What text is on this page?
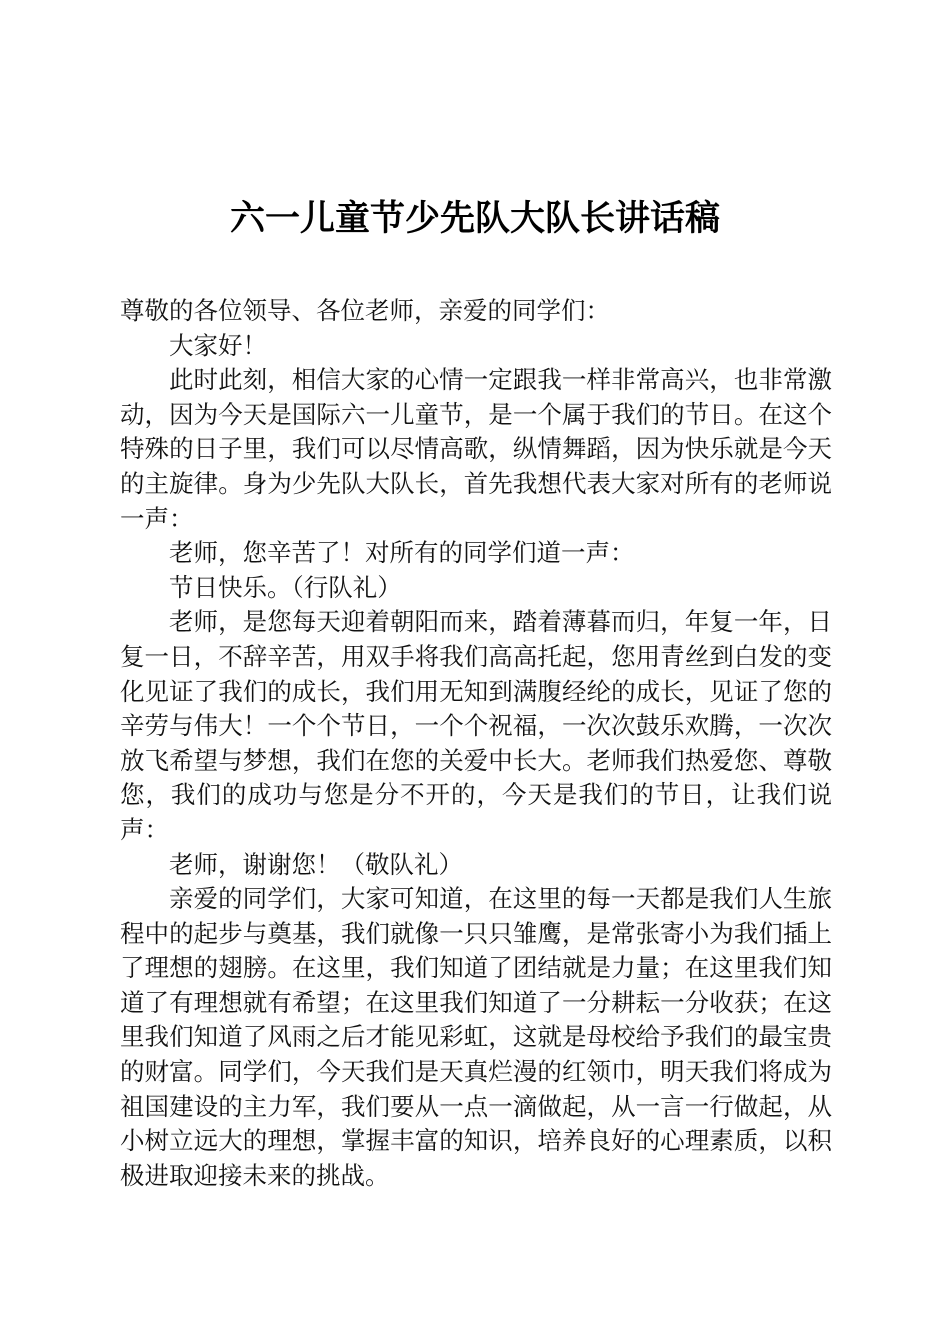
六一儿童节少先队大队长讲话稿

尊敬的各位领导、各位老师，亲爱的同学们：

大家好！

此时此刻，相信大家的心情一定跟我一样非常高兴，也非常激动，因为今天是国际六一儿童节，是一个属于我们的节日。在这个特殊的日子里，我们可以尽情高歌，纵情舞蹈，因为快乐就是今天的主旋律。身为少先队大队长，首先我想代表大家对所有的老师说一声：

老师，您辛苦了！对所有的同学们道一声：

节日快乐。（行队礼）

老师，是您每天迎着朝阳而来，踏着薄暮而归，年复一年，日复一日，不辞辛苦，用双手将我们高高托起，您用青丝到白发的变化见证了我们的成长，我们用无知到满腹经纶的成长，见证了您的辛劳与伟大！一个个节日，一个个祝福，一次次鼓乐欢腾，一次次放飞希望与梦想，我们在您的关爱中长大。老师我们热爱您、尊敬您，我们的成功与您是分不开的，今天是我们的节日，让我们说声：

老师，谢谢您！（敬队礼）

亲爱的同学们，大家可知道，在这里的每一天都是我们人生旅程中的起步与奠基，我们就像一只只雏鹰，是常张寄小为我们插上了理想的翅膀。在这里，我们知道了团结就是力量；在这里我们知道了有理想就有希望；在这里我们知道了一分耕耘一分收获；在这里我们知道了风雨之后才能见彩虹，这就是母校给予我们的最宝贵的财富。同学们，今天我们是天真烂漫的红领巾，明天我们将成为祖国建设的主力军，我们要从一点一滴做起，从一言一行做起，从小树立远大的理想，掌握丰富的知识，培养良好的心理素质，以积极进取迎接未来的挑战。
